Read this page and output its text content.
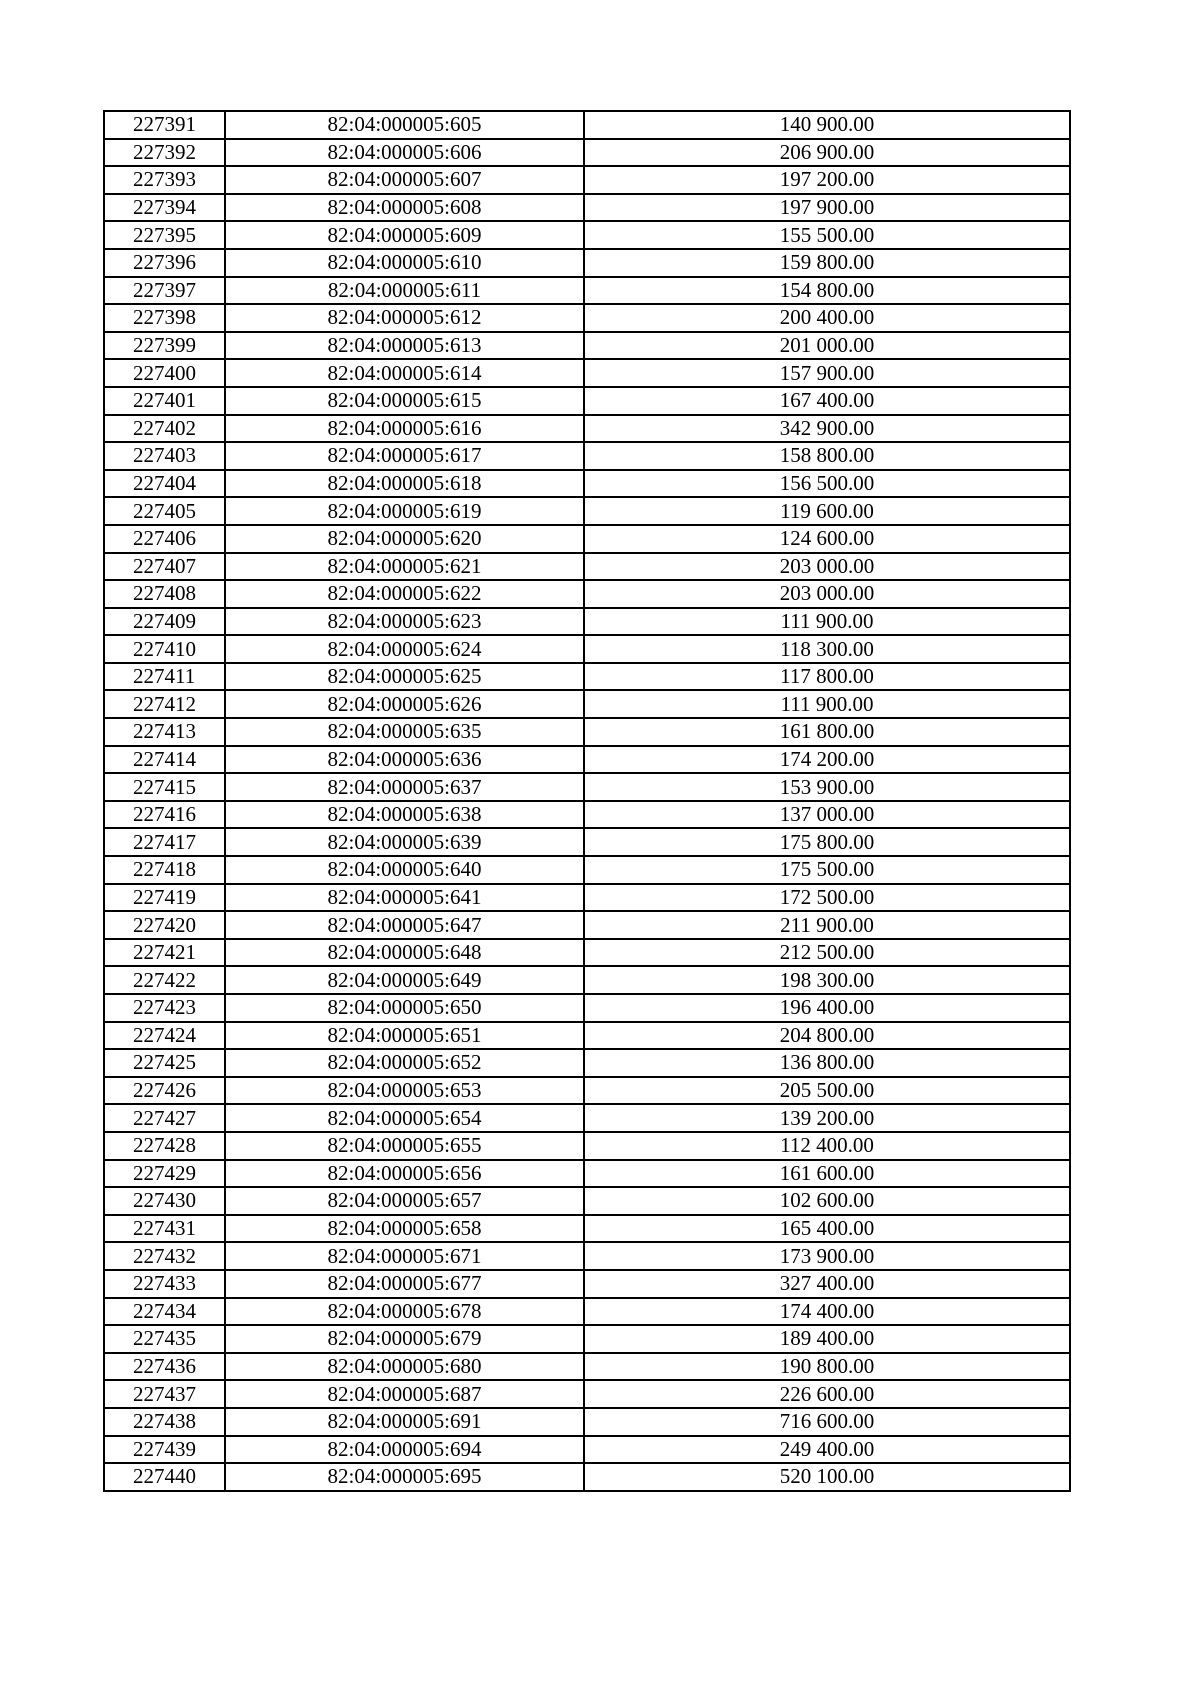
227391	82:04:000005:605	140 900.00
227392	82:04:000005:606	206 900.00
227393	82:04:000005:607	197 200.00
227394	82:04:000005:608	197 900.00
227395	82:04:000005:609	155 500.00
227396	82:04:000005:610	159 800.00
227397	82:04:000005:611	154 800.00
227398	82:04:000005:612	200 400.00
227399	82:04:000005:613	201 000.00
227400	82:04:000005:614	157 900.00
227401	82:04:000005:615	167 400.00
227402	82:04:000005:616	342 900.00
227403	82:04:000005:617	158 800.00
227404	82:04:000005:618	156 500.00
227405	82:04:000005:619	119 600.00
227406	82:04:000005:620	124 600.00
227407	82:04:000005:621	203 000.00
227408	82:04:000005:622	203 000.00
227409	82:04:000005:623	111 900.00
227410	82:04:000005:624	118 300.00
227411	82:04:000005:625	117 800.00
227412	82:04:000005:626	111 900.00
227413	82:04:000005:635	161 800.00
227414	82:04:000005:636	174 200.00
227415	82:04:000005:637	153 900.00
227416	82:04:000005:638	137 000.00
227417	82:04:000005:639	175 800.00
227418	82:04:000005:640	175 500.00
227419	82:04:000005:641	172 500.00
227420	82:04:000005:647	211 900.00
227421	82:04:000005:648	212 500.00
227422	82:04:000005:649	198 300.00
227423	82:04:000005:650	196 400.00
227424	82:04:000005:651	204 800.00
227425	82:04:000005:652	136 800.00
227426	82:04:000005:653	205 500.00
227427	82:04:000005:654	139 200.00
227428	82:04:000005:655	112 400.00
227429	82:04:000005:656	161 600.00
227430	82:04:000005:657	102 600.00
227431	82:04:000005:658	165 400.00
227432	82:04:000005:671	173 900.00
227433	82:04:000005:677	327 400.00
227434	82:04:000005:678	174 400.00
227435	82:04:000005:679	189 400.00
227436	82:04:000005:680	190 800.00
227437	82:04:000005:687	226 600.00
227438	82:04:000005:691	716 600.00
227439	82:04:000005:694	249 400.00
227440	82:04:000005:695	520 100.00
